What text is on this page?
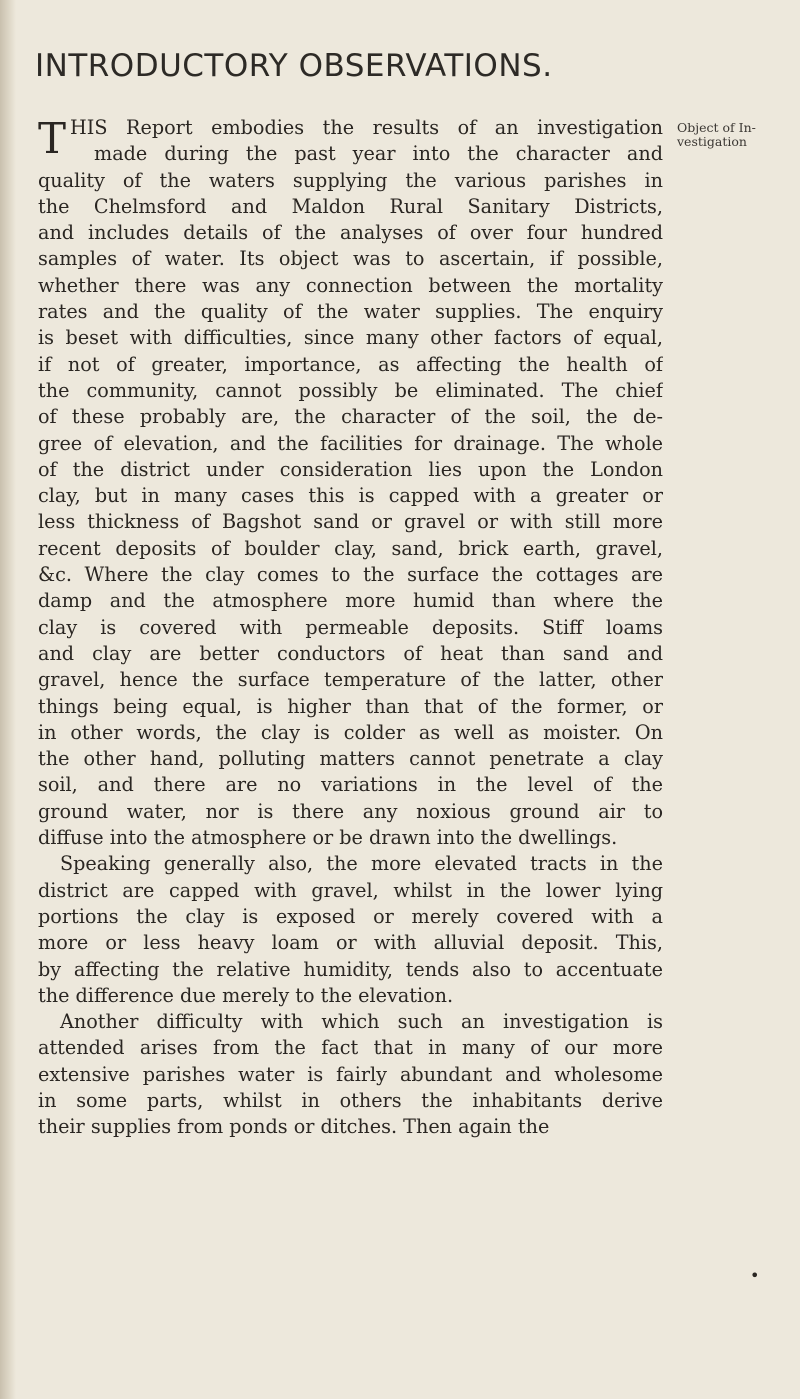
INTRODUCTORY OBSERVATIONS.
Object of In-
vestigation
T HIS Report embodies the results of an investigation
made during the past year into the character and
quality of the waters supplying the various parishes in
the Chelmsford and Maldon Rural Sanitary Districts,
and includes details of the analyses of over four hundred
samples of water. Its object was to ascertain, if possible,
whether there was any connection between the mortality
rates and the quality of the water supplies. The enquiry
is beset with difficulties, since many other factors of equal,
if not of greater, importance, as affecting the health of
the community, cannot possibly be eliminated. The chief
of these probably are, the character of the soil, the de-
gree of elevation, and the facilities for drainage. The whole
of the district under consideration lies upon the London
clay, but in many cases this is capped with a greater or
less thickness of Bagshot sand or gravel or with still more
recent deposits of boulder clay, sand, brick earth, gravel,
&c. Where the clay comes to the surface the cottages are
damp and the atmosphere more humid than where the
clay is covered with permeable deposits. Stiff loams
and clay are better conductors of heat than sand and
gravel, hence the surface temperature of the latter, other
things being equal, is higher than that of the former, or
in other words, the clay is colder as well as moister. On
the other hand, polluting matters cannot penetrate a clay
soil, and there are no variations in the level of the
ground water, nor is there any noxious ground air to
diffuse into the atmosphere or be drawn into the dwellings.
Speaking generally also, the more elevated tracts in the
district are capped with gravel, whilst in the lower lying
portions the clay is exposed or merely covered with a
more or less heavy loam or with alluvial deposit. This,
by affecting the relative humidity, tends also to accentuate
the difference due merely to the elevation.
Another difficulty with which such an investigation is
attended arises from the fact that in many of our more
extensive parishes water is fairly abundant and wholesome
in some parts, whilst in others the inhabitants derive
their supplies from ponds or ditches. Then again the
•
